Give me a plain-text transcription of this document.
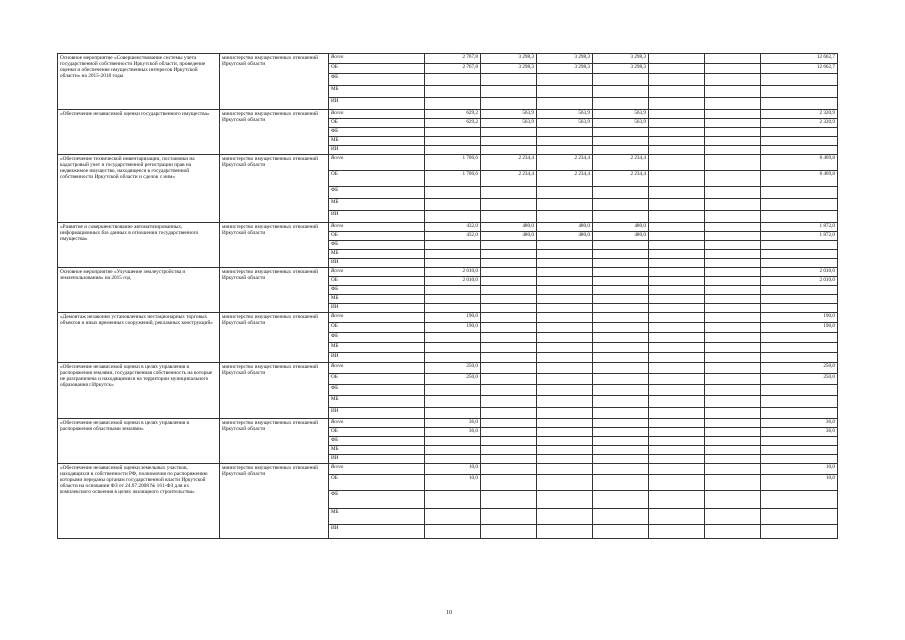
Основное мероприятие «Совершенствование системы учета государственной собственности Иркутской области, проведение оценки и обеспечение имущественных интересов Иркутской области» на 2015-2018 годы	министерство имущественных отношений Иркутской области	Всего	2 767,8	3 298,3	3 298,3	3 298,3			12 662,7
		ОБ	2 767,8	3 298,3	3 298,3	3 298,3			12 662,7
		ФБ							
		МБ							
		ИИ							
«Обеспечение независимой оценки государственного имущества»	министерство имущественных отношений Иркутской области	Всего	629,2	563,9	563,9	563,9			2 320,9
		ОБ	629,2	563,9	563,9	563,9			2 320,9
		ФБ							
		МБ							
		ИИ							
«Обеспечение технической инвентаризации, постановки на кадастровый учет и государственной регистрации прав на недвижимое имущество, находящееся в государственной собственности Иркутской области и сделок с ним»	министерство имущественных отношений Иркутской области	Всего	1 706,6	2 234,4	2 234,4	2 234,4			8 469,8
		ОБ	1 706,6	2 234,4	2 234,4	2 234,4			8 469,8
		ФБ							
		МБ							
		ИИ							
«Развитие и совершенствование автоматизированных, информационных баз данных в отношении государственного имущества»	министерство имущественных отношений Иркутской области	Всего	432,0	480,0	480,0	480,0			1 872,0
		ОБ	432,0	480,0	480,0	480,0			1 872,0
		ФБ							
		МБ							
		ИИ							
Основное мероприятие «Улучшение землеустройства и землепользования» на 2015 год	министерство имущественных отношений Иркутской области	Всего	2 010,0						2 010,0
		ОБ	2 010,0						2 010,0
		ФБ							
		МБ							
		ИИ							
«Демонтаж незаконно установленных нестационарных торговых объектов и иных временных сооружений, рекламных конструкций»	министерство имущественных отношений Иркутской области	Всего	190,0						190,0
		ОБ	190,0						190,0
		ФБ							
		МБ							
		ИИ							
«Обеспечение независимой оценки в целях управления и распоряжения землями, государственная собственность на которые не разграничена и находящимися на территории муниципального образования г.Иркутск»	министерство имущественных отношений Иркутской области	Всего	250,0						250,0
		ОБ	250,0						250,0
		ФБ							
		МБ							
		ИИ							
«Обеспечение независимой оценки в целях управления и распоряжения областными землями»	министерство имущественных отношений Иркутской области	Всего	36,0						36,0
		ОБ	36,0						36,0
		ФБ							
		МБ							
		ИИ							
«Обеспечение независимой оценки земельных участков, находящихся в собственности РФ, полномочия по распоряжению которыми переданы органам государственной власти Иркутской области на основании ФЗ от 24.07.2008 № 161-ФЗ для их комплексного освоения в целях жилищного строительства»	министерство имущественных отношений Иркутской области	Всего	10,0						10,0
		ОБ	10,0						10,0
		ФБ							
		МБ							
		ИИ							
10
